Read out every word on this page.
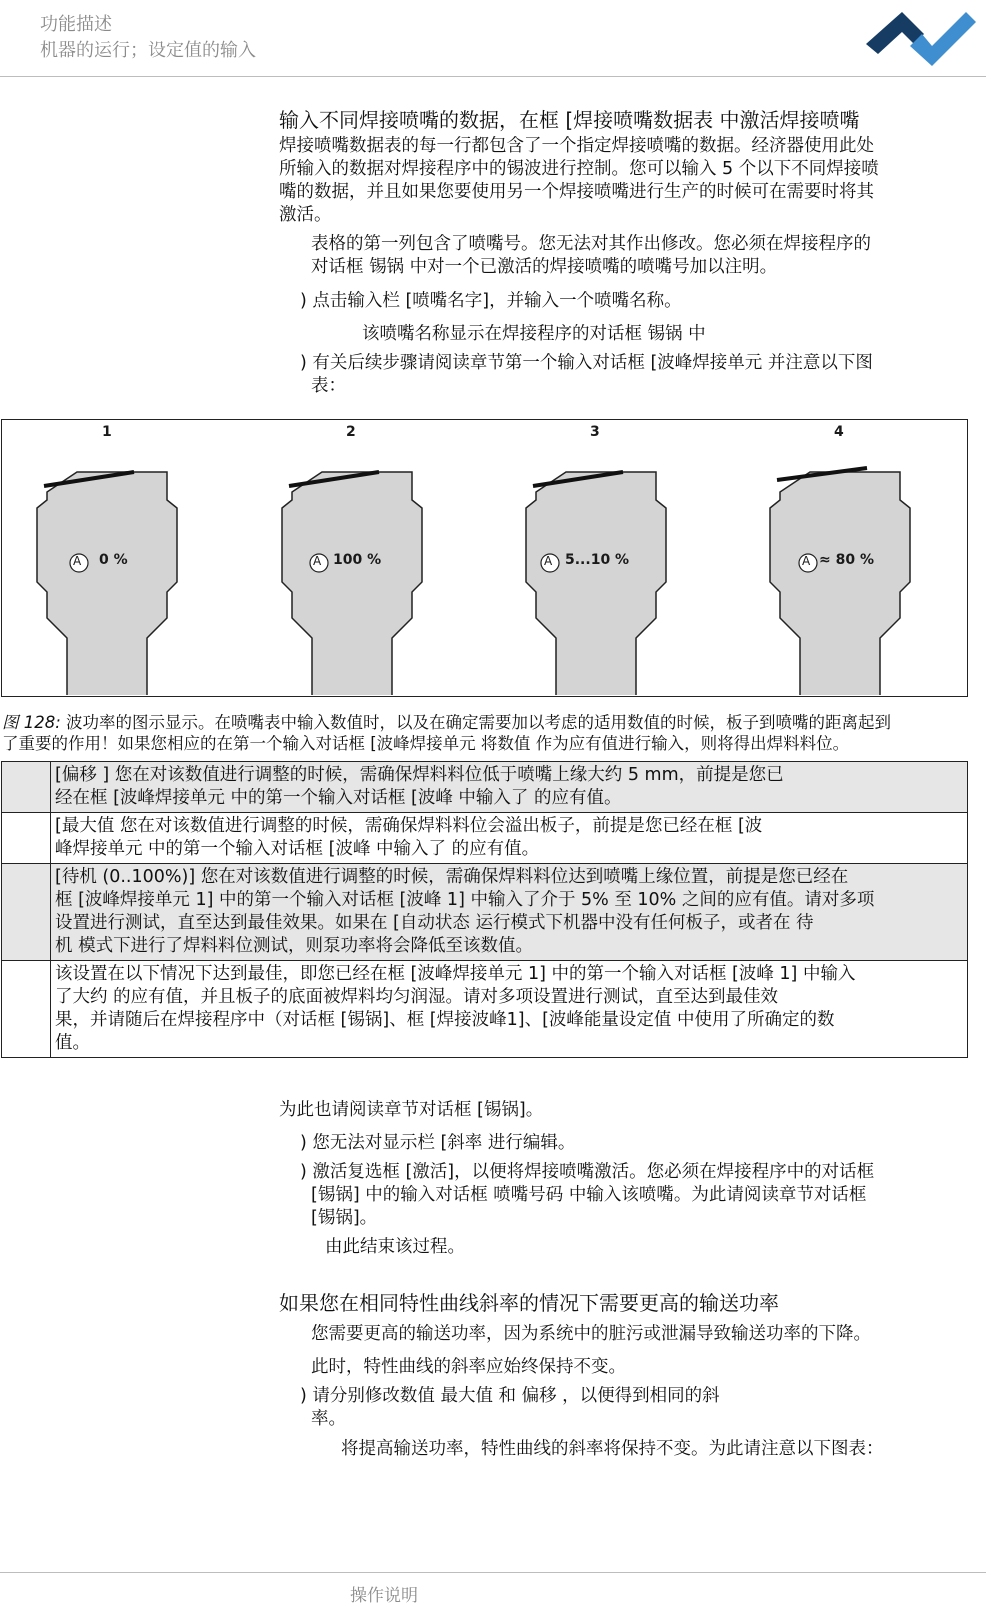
功能描述
机器的运行；设定值的输入
输入不同焊接喷嘴的数据，在框 [焊接喷嘴数据表 中激活焊接喷嘴
焊接喷嘴数据表的每一行都包含了一个指定焊接喷嘴的数据。经济器使用此处
所输入的数据对焊接程序中的锡波进行控制。您可以输入 5 个以下不同焊接喷
嘴的数据，并且如果您要使用另一个焊接喷嘴进行生产的时候可在需要时将其
激活。
表格的第一列包含了喷嘴号。您无法对其作出修改。您必须在焊接程序的
对话框 锡锅 中对一个已激活的焊接喷嘴的喷嘴号加以注明。
) 点击输入栏 [喷嘴名字]，并输入一个喷嘴名称。
该喷嘴名称显示在焊接程序的对话框 锡锅 中
) 有关后续步骤请阅读章节第一个输入对话框 [波峰焊接单元 并注意以下图
表：
1	2	3	4
A	A	A	A
0 %	100 %	5...10 %	≈ 80 %
图 128: 波功率的图示显示。在喷嘴表中输入数值时，以及在确定需要加以考虑的适用数值的时候，板子到喷嘴的距离起到
了重要的作用！如果您相应的在第一个输入对话框 [波峰焊接单元 将数值 作为应有值进行输入，则将得出焊料料位。

	[偏移 ] 您在对该数值进行调整的时候，需确保焊料料位低于喷嘴上缘大约 5 mm，前提是您已
经在框 [波峰焊接单元 中的第一个输入对话框 [波峰 中输入了 的应有值。

	[最大值 您在对该数值进行调整的时候，需确保焊料料位会溢出板子，前提是您已经在框 [波
峰焊接单元 中的第一个输入对话框 [波峰 中输入了 的应有值。

	[待机 (0..100%)] 您在对该数值进行调整的时候，需确保焊料料位达到喷嘴上缘位置，前提是您已经在
框 [波峰焊接单元 1] 中的第一个输入对话框 [波峰 1] 中输入了介于 5% 至 10% 之间的应有值。请对多项
设置进行测试，直至达到最佳效果。如果在 [自动状态 运行模式下机器中没有任何板子，或者在 待
机 模式下进行了焊料料位测试，则泵功率将会降低至该数值。

	该设置在以下情况下达到最佳，即您已经在框 [波峰焊接单元 1] 中的第一个输入对话框 [波峰 1] 中输入
了大约 的应有值，并且板子的底面被焊料均匀润湿。请对多项设置进行测试，直至达到最佳效
果，并请随后在焊接程序中（对话框 [锡锅]、框 [焊接波峰1]、[波峰能量设定值 中使用了所确定的数
值。
为此也请阅读章节对话框 [锡锅]。
) 您无法对显示栏 [斜率 进行编辑。
) 激活复选框 [激活]，以便将焊接喷嘴激活。您必须在焊接程序中的对话框
[锡锅] 中的输入对话框 喷嘴号码 中输入该喷嘴。为此请阅读章节对话框
[锡锅]。
由此结束该过程。
如果您在相同特性曲线斜率的情况下需要更高的输送功率
您需要更高的输送功率，因为系统中的脏污或泄漏导致输送功率的下降。
此时，特性曲线的斜率应始终保持不变。
) 请分别修改数值 最大值 和 偏移 ，以便得到相同的斜
率。
将提高输送功率，特性曲线的斜率将保持不变。为此请注意以下图表：
操作说明
